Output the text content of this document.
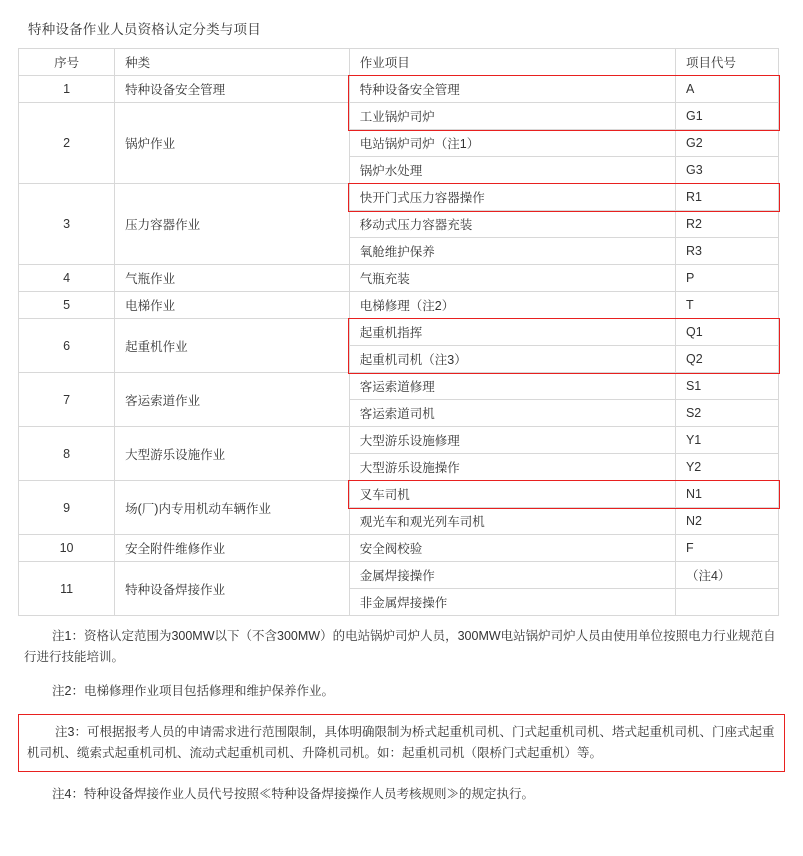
特种设备作业人员资格认定分类与项目
序号	种类	作业项目	项目代号

1	特种设备安全管理	特种设备安全管理	A

2	锅炉作业	工业锅炉司炉	G1

		电站锅炉司炉（注1）	G2

		锅炉水处理	G3

3	压力容器作业	快开门式压力容器操作	R1

		移动式压力容器充装	R2

		氧舱维护保养	R3

4	气瓶作业	气瓶充装	P

5	电梯作业	电梯修理（注2）	T

6	起重机作业	起重机指挥	Q1

		起重机司机（注3）	Q2

7	客运索道作业	客运索道修理	S1

		客运索道司机	S2

8	大型游乐设施作业	大型游乐设施修理	Y1

		大型游乐设施操作	Y2

9	场(厂)内专用机动车辆作业	叉车司机	N1

		观光车和观光列车司机	N2

10	安全附件维修作业	安全阀校验	F

11	特种设备焊接作业	金属焊接操作	（注4）

		非金属焊接操作	

注1：资格认定范围为300MW以下（不含300MW）的电站锅炉司炉人员，300MW电站锅炉司炉人员由使用单位按照电力行业规范自行进行技能培训。
注2：电梯修理作业项目包括修理和维护保养作业。
注3：可根据报考人员的申请需求进行范围限制，具体明确限制为桥式起重机司机、门式起重机司机、塔式起重机司机、门座式起重机司机、缆索式起重机司机、流动式起重机司机、升降机司机。如：起重机司机（限桥门式起重机）等。
注4：特种设备焊接作业人员代号按照≪特种设备焊接操作人员考核规则≫的规定执行。
